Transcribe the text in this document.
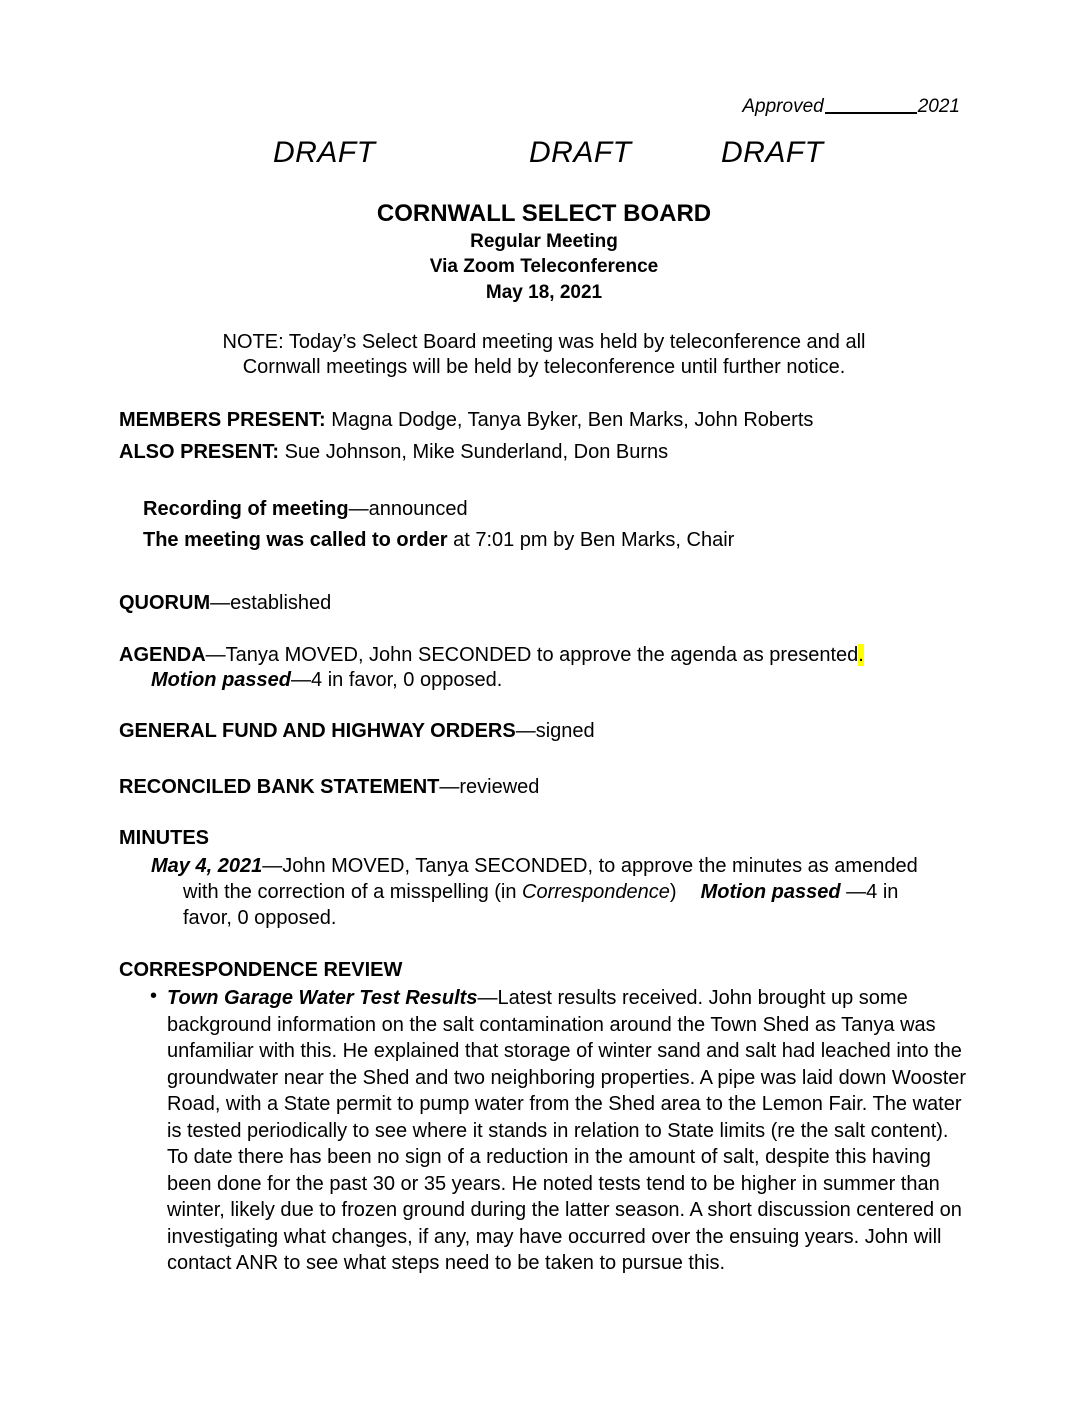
Approved	2021
DRAFT	DRAFT	DRAFT
CORNWALL SELECT BOARD
Regular Meeting
Via Zoom Teleconference
May 18, 2021
NOTE: Today’s Select Board meeting was held by teleconference and all
Cornwall meetings will be held by teleconference until further notice.
MEMBERS PRESENT: Magna Dodge, Tanya Byker, Ben Marks, John Roberts
ALSO PRESENT: Sue Johnson, Mike Sunderland, Don Burns
Recording of meeting—announced
The meeting was called to order at 7:01 pm by Ben Marks, Chair
QUORUM—established
AGENDA—Tanya MOVED, John SECONDED to approve the agenda as presented.
Motion passed—4 in favor, 0 opposed.
GENERAL FUND AND HIGHWAY ORDERS—signed
RECONCILED BANK STATEMENT—reviewed
MINUTES
May 4, 2021—John MOVED, Tanya SECONDED, to approve the minutes as amended
with the correction of a misspelling (in Correspondence) Motion passed —4 in
favor, 0 opposed.
CORRESPONDENCE REVIEW
• Town Garage Water Test Results—Latest results received. John brought up some background information on the salt contamination around the Town Shed as Tanya was unfamiliar with this. He explained that storage of winter sand and salt had leached into the groundwater near the Shed and two neighboring properties. A pipe was laid down Wooster Road, with a State permit to pump water from the Shed area to the Lemon Fair. The water is tested periodically to see where it stands in relation to State limits (re the salt content). To date there has been no sign of a reduction in the amount of salt, despite this having been done for the past 30 or 35 years. He noted tests tend to be higher in summer than winter, likely due to frozen ground during the latter season. A short discussion centered on investigating what changes, if any, may have occurred over the ensuing years. John will contact ANR to see what steps need to be taken to pursue this.
